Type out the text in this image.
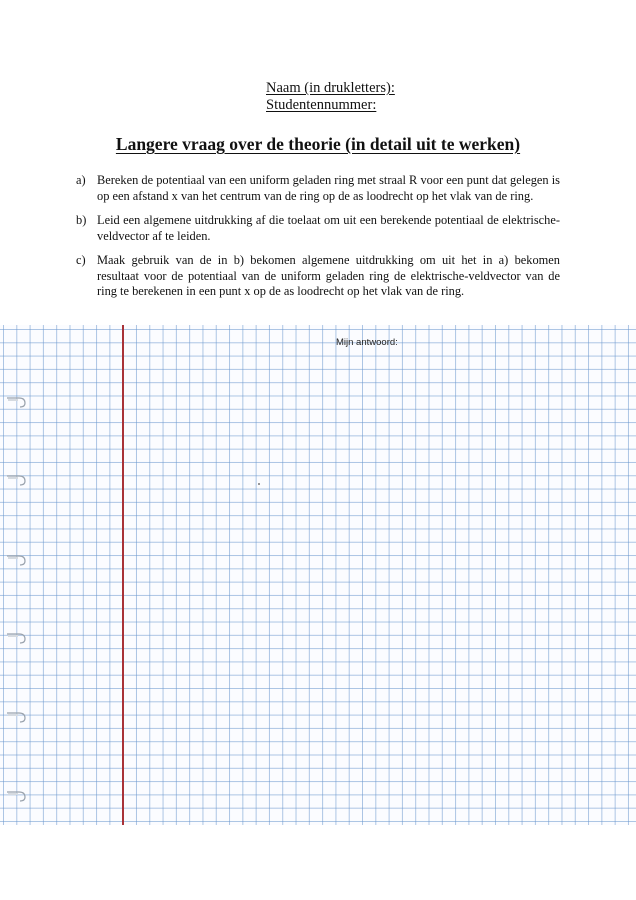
Naam (in drukletters):
Studentennummer:
Langere vraag over de theorie (in detail uit te werken)
a) Bereken de potentiaal van een uniform geladen ring met straal R voor een punt dat gelegen is op een afstand x van het centrum van de ring op de as loodrecht op het vlak van de ring.
b) Leid een algemene uitdrukking af die toelaat om uit een berekende potentiaal de elektrische-veldvector af te leiden.
c) Maak gebruik van de in b) bekomen algemene uitdrukking om uit het in a) bekomen resultaat voor de potentiaal van de uniform geladen ring de elektrische-veldvector van de ring te berekenen in een punt x op de as loodrecht op het vlak van de ring.
Mijn antwoord:
